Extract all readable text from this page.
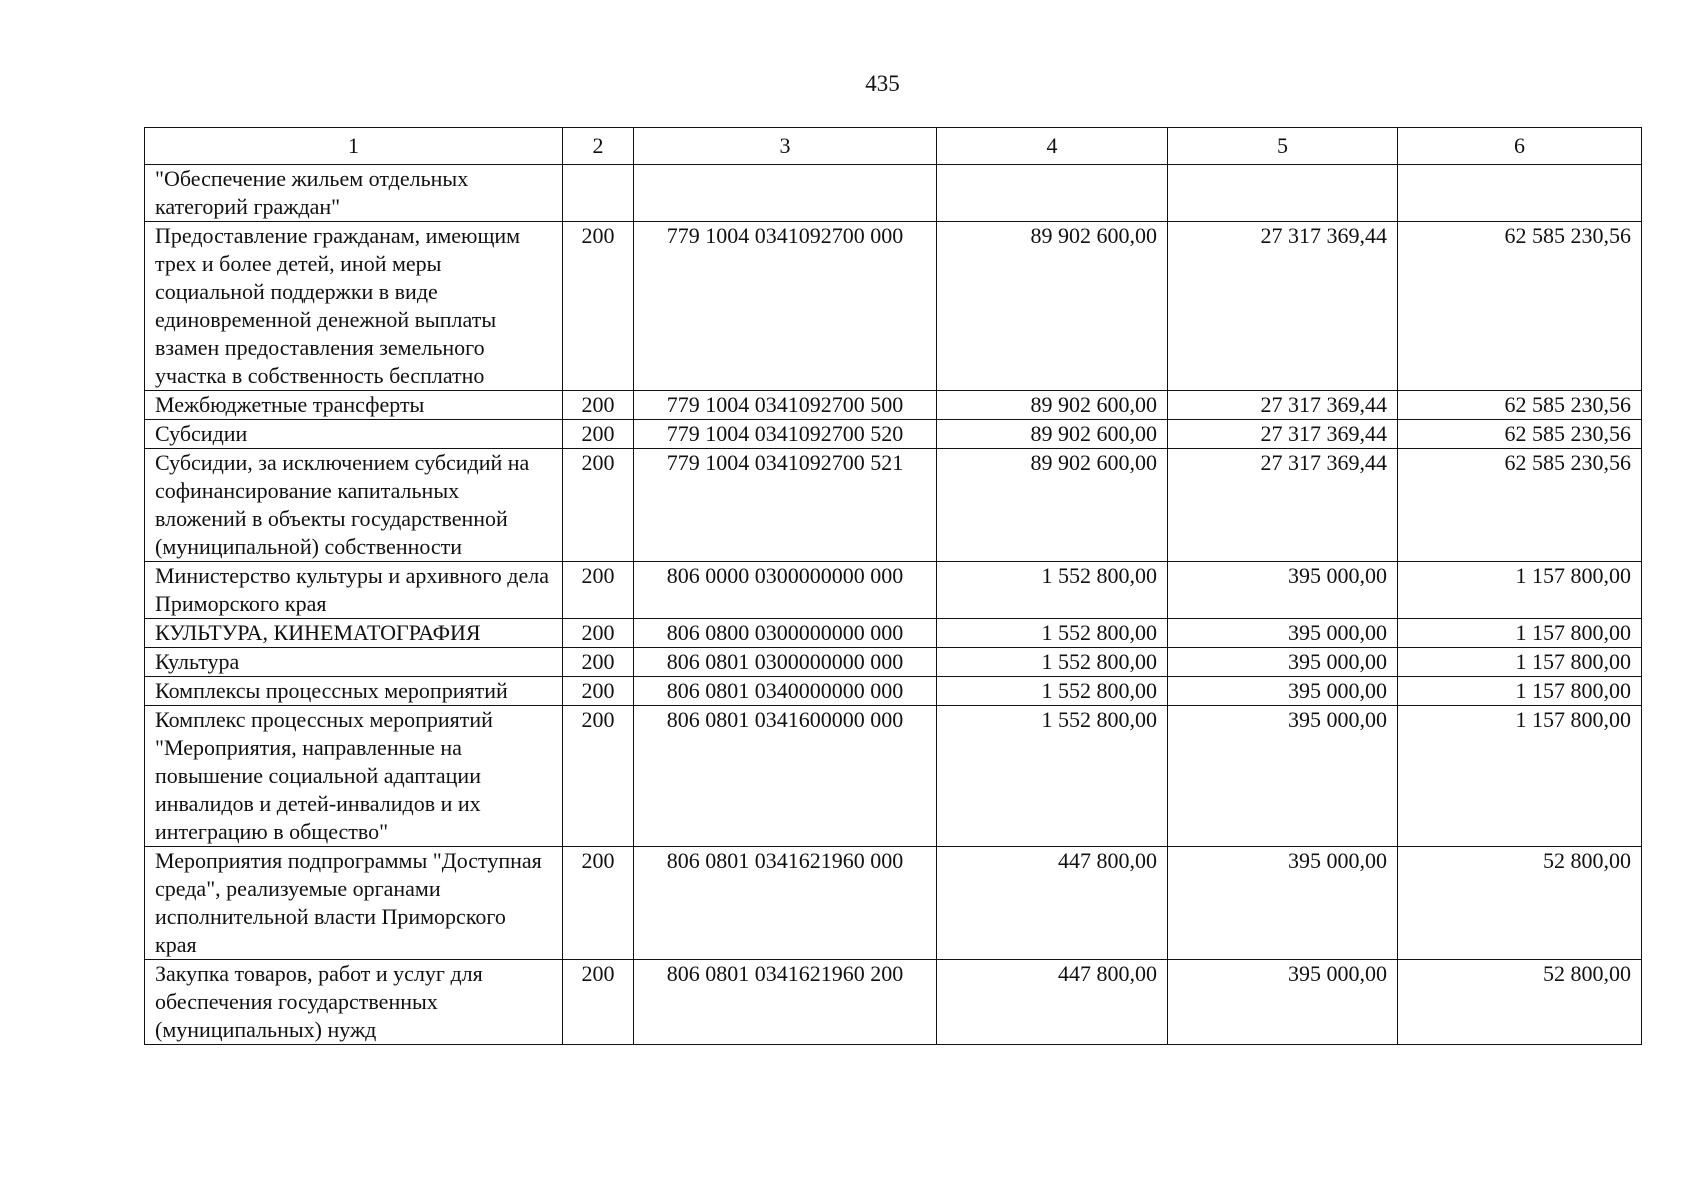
435
1	2	3	4	5	6
"Обеспечение жильем отдельных категорий граждан"					
Предоставление гражданам, имеющим трех и более детей, иной меры социальной поддержки в виде единовременной денежной выплаты взамен предоставления земельного участка в собственность бесплатно	200	779 1004 0341092700 000	89 902 600,00	27 317 369,44	62 585 230,56
Межбюджетные трансферты	200	779 1004 0341092700 500	89 902 600,00	27 317 369,44	62 585 230,56
Субсидии	200	779 1004 0341092700 520	89 902 600,00	27 317 369,44	62 585 230,56
Субсидии, за исключением субсидий на софинансирование капитальных вложений в объекты государственной (муниципальной) собственности	200	779 1004 0341092700 521	89 902 600,00	27 317 369,44	62 585 230,56
Министерство культуры и архивного дела Приморского края	200	806 0000 0300000000 000	1 552 800,00	395 000,00	1 157 800,00
КУЛЬТУРА, КИНЕМАТОГРАФИЯ	200	806 0800 0300000000 000	1 552 800,00	395 000,00	1 157 800,00
Культура	200	806 0801 0300000000 000	1 552 800,00	395 000,00	1 157 800,00
Комплексы процессных мероприятий	200	806 0801 0340000000 000	1 552 800,00	395 000,00	1 157 800,00
Комплекс процессных мероприятий "Мероприятия, направленные на повышение социальной адаптации инвалидов и детей-инвалидов и их интеграцию в общество"	200	806 0801 0341600000 000	1 552 800,00	395 000,00	1 157 800,00
Мероприятия подпрограммы "Доступная среда", реализуемые органами исполнительной власти Приморского края	200	806 0801 0341621960 000	447 800,00	395 000,00	52 800,00
Закупка товаров, работ и услуг для обеспечения государственных (муниципальных) нужд	200	806 0801 0341621960 200	447 800,00	395 000,00	52 800,00
